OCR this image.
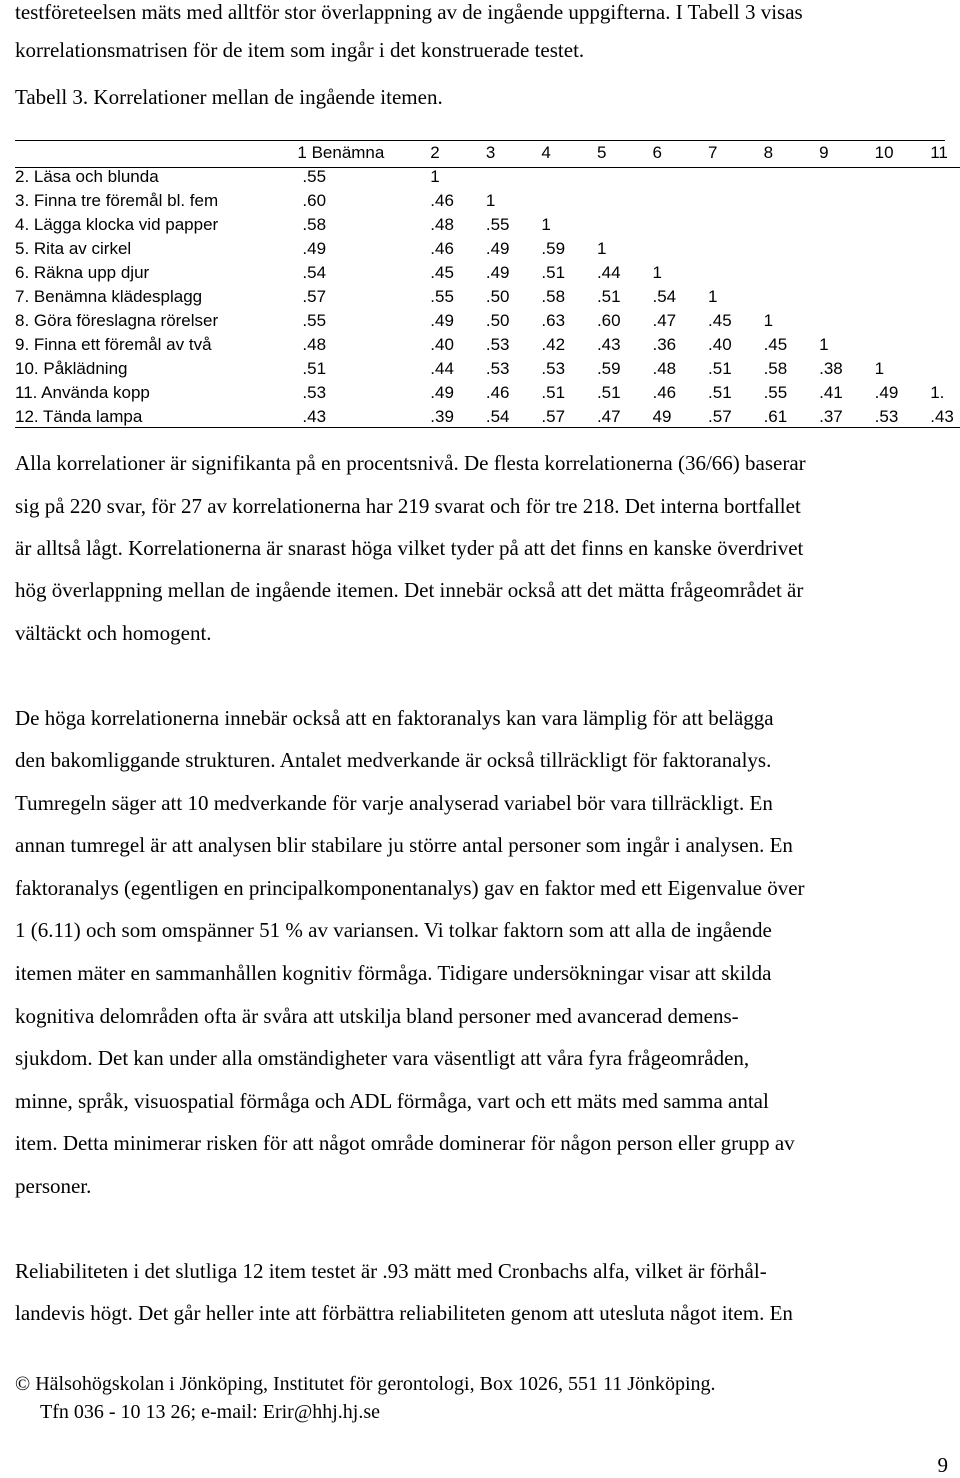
testföreteelsen mäts med alltför stor överlappning av de ingående uppgifterna. I Tabell 3 visas
korrelationsmatrisen för de item som ingår i det konstruerade testet.
Tabell 3. Korrelationer mellan de ingående itemen.
	1 Benämna	2	3	4	5	6	7	8	9	10	11
2. Läsa och blunda	.55	1									
3. Finna tre föremål bl. fem	.60	.46	1								
4. Lägga klocka vid papper	.58	.48	.55	1							
5. Rita av cirkel	.49	.46	.49	.59	1						
6. Räkna upp djur	.54	.45	.49	.51	.44	1					
7. Benämna klädesplagg	.57	.55	.50	.58	.51	.54	1				
8. Göra föreslagna rörelser	.55	.49	.50	.63	.60	.47	.45	1			
9. Finna ett föremål av två	.48	.40	.53	.42	.43	.36	.40	.45	1		
10. Påklädning	.51	.44	.53	.53	.59	.48	.51	.58	.38	1	
11. Använda kopp	.53	.49	.46	.51	.51	.46	.51	.55	.41	.49	1.
12. Tända lampa	.43	.39	.54	.57	.47	49	.57	.61	.37	.53	.43
Alla korrelationer är signifikanta på en procentsnivå. De flesta korrelationerna (36/66) baserar
sig på 220 svar, för 27 av korrelationerna har 219 svarat och för tre 218. Det interna bortfallet
är alltså lågt. Korrelationerna är snarast höga vilket tyder på att det finns en kanske överdrivet
hög överlappning mellan de ingående itemen. Det innebär också att det mätta frågeområdet är
vältäckt och homogent.
De höga korrelationerna innebär också att en faktoranalys kan vara lämplig för att belägga
den bakomliggande strukturen. Antalet medverkande är också tillräckligt för faktoranalys.
Tumregeln säger att 10 medverkande för varje analyserad variabel bör vara tillräckligt. En
annan tumregel är att analysen blir stabilare ju större antal personer som ingår i analysen. En
faktoranalys (egentligen en principalkomponentanalys) gav en faktor med ett Eigenvalue över
1 (6.11) och som omspänner 51 % av variansen. Vi tolkar faktorn som att alla de ingående
itemen mäter en sammanhållen kognitiv förmåga. Tidigare undersökningar visar att skilda
kognitiva delområden ofta är svåra att utskilja bland personer med avancerad demens-
sjukdom. Det kan under alla omständigheter vara väsentligt att våra fyra frågeområden,
minne, språk, visuospatial förmåga och ADL förmåga, vart och ett mäts med samma antal
item. Detta minimerar risken för att något område dominerar för någon person eller grupp av
personer.
Reliabiliteten i det slutliga 12 item testet är .93 mätt med Cronbachs alfa, vilket är förhål-
landevis högt. Det går heller inte att förbättra reliabiliteten genom att utesluta något item. En
© Hälsohögskolan i Jönköping, Institutet för gerontologi, Box 1026, 551 11 Jönköping.
Tfn 036 - 10 13 26; e-mail: Erir@hhj.hj.se
9
